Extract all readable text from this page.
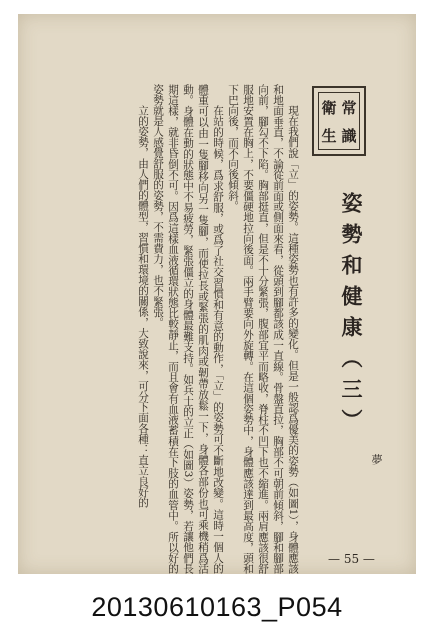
衛 常
生 識
姿勢和健康（三）
夢

現在我們說「立」的姿勢。這種姿勢也有許多的變化。但是一般認爲優美的姿勢（如圖1），身體應該和地面垂直，不論從前面或側面來看，從頭到腳都該成一直線。骨盤直拉，胸部不可朝前傾斜，腳和腳部向前，腳勾不下陷。胸部挺直，但是不十分緊張，腹部宜平而略收，脊柱不凹下也不縮進。兩肩應該很舒服地安置在胸上，不要僵硬地拉向後面。兩手臂要向外旋轉。在這個姿勢中，身體應該達到最高度，頭和下巴向後，而不向後傾斜。

在站的時候，爲求舒服，或爲了社交習慣和有意的動作，「立」的姿勢可不斷地改變。這時一個人的體重可以由一隻腳移向另一隻腳，而使拉長或緊張的肌肉或韌帶放鬆一下，身體各部份也可乘機稍爲活動。身體在動的狀態中不易疲勞，緊張僵立的身體最難支持。如兵士的立正（如圖3）姿勢，若讓他們長期這樣，就非昏倒不可。因爲這樣血液循環狀態比較靜止，而且會有血液蓄積在下肢的血管中。所以好的姿勢就是人感覺舒服的姿勢，不需費力，也不緊張。

立的姿勢，由人們的體型，習慣和環境的關係，大致說來，可分下面各種：直立良好的

— 55 —
20130610163_P054
